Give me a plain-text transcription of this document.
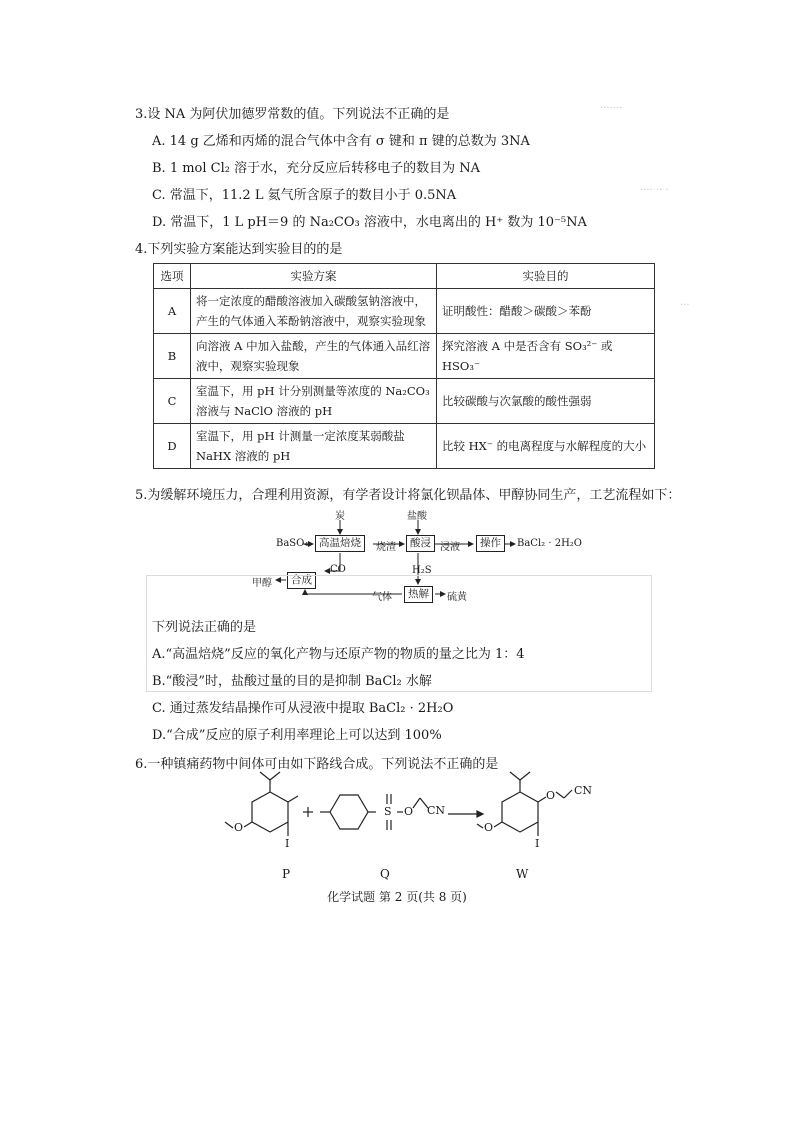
·······
···· ·· ·
···
3.设 NA 为阿伏加德罗常数的值。下列说法不正确的是
A. 14 g 乙烯和丙烯的混合气体中含有 σ 键和 π 键的总数为 3NA
B. 1 mol Cl₂ 溶于水，充分反应后转移电子的数目为 NA
C. 常温下，11.2 L 氦气所含原子的数目小于 0.5NA
D. 常温下，1 L pH＝9 的 Na₂CO₃ 溶液中，水电离出的 H⁺ 数为 10⁻⁵NA
4.下列实验方案能达到实验目的的是
选项	实验方案	实验目的
A	将一定浓度的醋酸溶液加入碳酸氢钠溶液中，产生的气体通入苯酚钠溶液中，观察实验现象	证明酸性：醋酸＞碳酸＞苯酚
B	向溶液 A 中加入盐酸，产生的气体通入品红溶液中，观察实验现象	探究溶液 A 中是否含有 SO₃²⁻ 或 HSO₃⁻
C	室温下，用 pH 计分别测量等浓度的 Na₂CO₃ 溶液与 NaClO 溶液的 pH	比较碳酸与次氯酸的酸性强弱
D	室温下，用 pH 计测量一定浓度某弱酸盐 NaHX 溶液的 pH	比较 HX⁻ 的电离程度与水解程度的大小
5.为缓解环境压力，合理利用资源，有学者设计将氯化钡晶体、甲醇协同生产，工艺流程如下：
BaSO₄
炭
高温焙烧	烧渣
盐酸
酸浸 浸液	操作	BaCl₂ · 2H₂O
CO
合成
甲醇
H₂S
热解	硫黄
气体
下列说法正确的是
A.“高温焙烧”反应的氧化产物与还原产物的物质的量之比为 1：4
B.“酸浸”时，盐酸过量的目的是抑制 BaCl₂ 水解
C. 通过蒸发结晶操作可从浸液中提取 BaCl₂ · 2H₂O
D.“合成”反应的原子利用率理论上可以达到 100%
6.一种镇痛药物中间体可由如下路线合成。下列说法不正确的是
O
I
S O CN
O CN
O
I
P	Q	W
化学试题 第 2 页(共 8 页)
